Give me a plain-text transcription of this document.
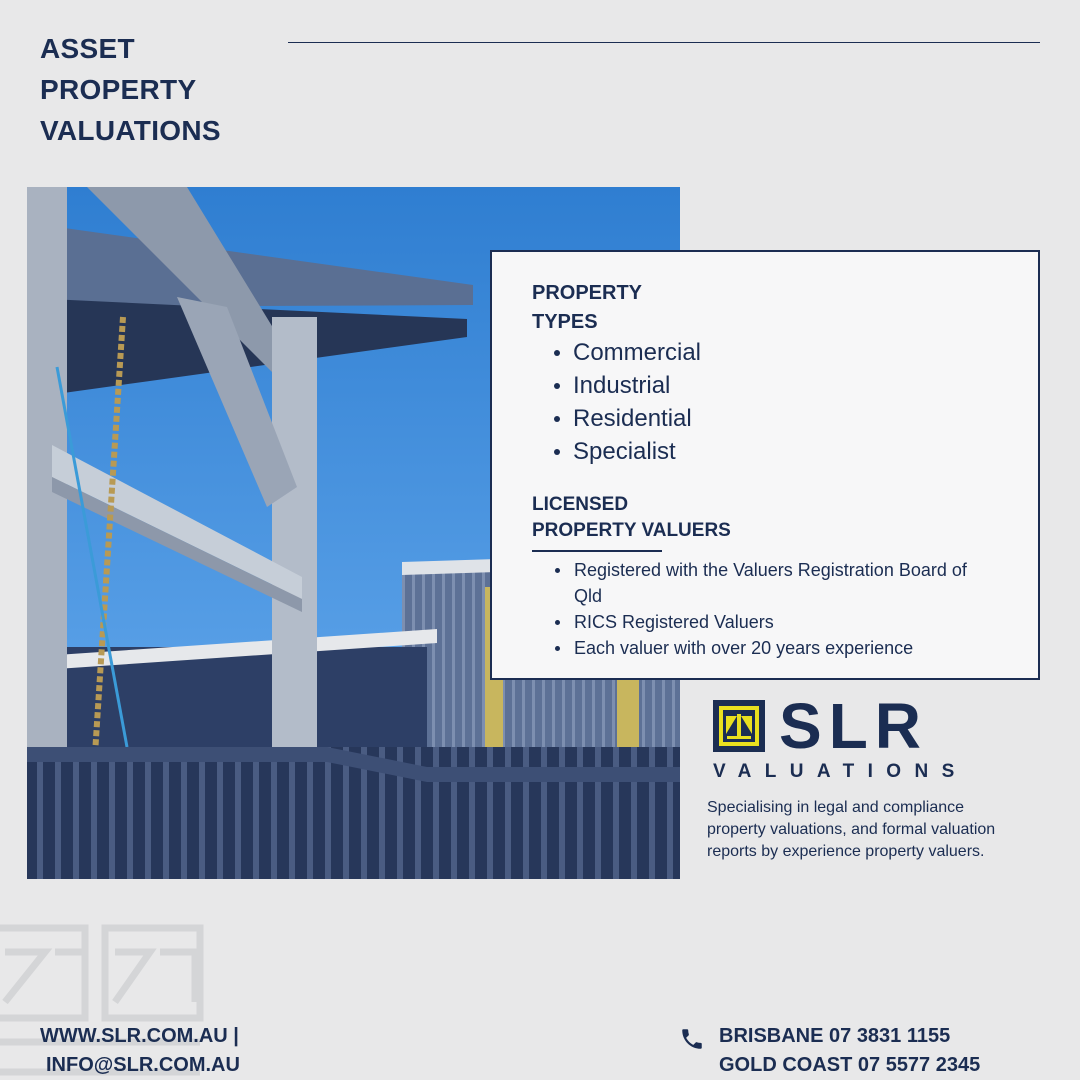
ASSET
PROPERTY
VALUATIONS
PROPERTY
TYPES
Commercial
Industrial
Residential
Specialist
LICENSED
PROPERTY VALUERS
Registered with the Valuers Registration Board of Qld
RICS Registered Valuers
Each valuer with over 20 years experience
SLR
VALUATIONS
Specialising in legal and compliance property valuations, and formal valuation reports by experience property valuers.
WWW.SLR.COM.AU |
INFO@SLR.COM.AU
BRISBANE 07 3831 1155
GOLD COAST 07 5577 2345
